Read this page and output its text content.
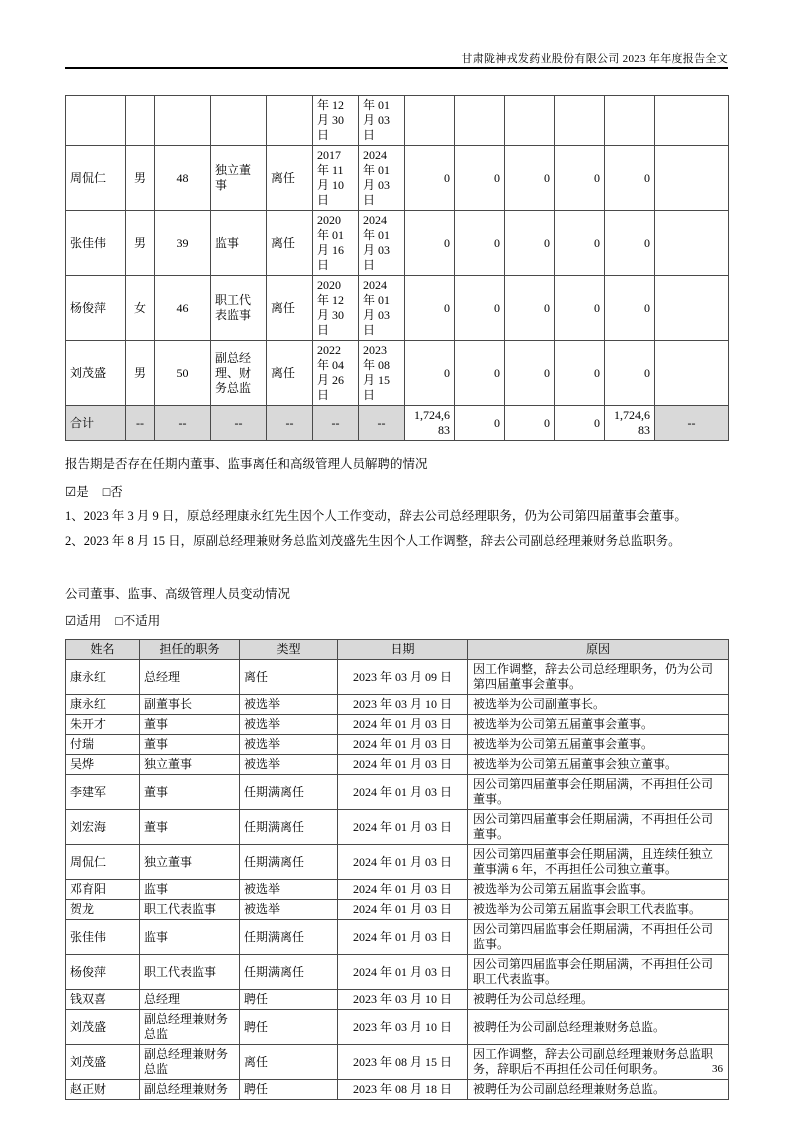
甘肃陇神戎发药业股份有限公司 2023 年年度报告全文
					年 12 月 30 日	年 01 月 03 日						
周侃仁	男	48	独立董事	离任	2017 年 11 月 10 日	2024 年 01 月 03 日	0	0	0	0	0	
张佳伟	男	39	监事	离任	2020 年 01 月 16 日	2024 年 01 月 03 日	0	0	0	0	0	
杨俊萍	女	46	职工代表监事	离任	2020 年 12 月 30 日	2024 年 01 月 03 日	0	0	0	0	0	
刘茂盛	男	50	副总经理、财务总监	离任	2022 年 04 月 26 日	2023 年 08 月 15 日	0	0	0	0	0	
合计	--	--	--	--	--	--	1,724,683	0	0	0	1,724,683	--
报告期是否存在任期内董事、监事离任和高级管理人员解聘的情况
☑是 □否
1、2023 年 3 月 9 日，原总经理康永红先生因个人工作变动，辞去公司总经理职务，仍为公司第四届董事会董事。
2、2023 年 8 月 15 日，原副总经理兼财务总监刘茂盛先生因个人工作调整，辞去公司副总经理兼财务总监职务。
公司董事、监事、高级管理人员变动情况
☑适用 □不适用
姓名	担任的职务	类型	日期	原因
康永红	总经理	离任	2023 年 03 月 09 日	因工作调整，辞去公司总经理职务，仍为公司第四届董事会董事。
康永红	副董事长	被选举	2023 年 03 月 10 日	被选举为公司副董事长。
朱开才	董事	被选举	2024 年 01 月 03 日	被选举为公司第五届董事会董事。
付瑞	董事	被选举	2024 年 01 月 03 日	被选举为公司第五届董事会董事。
吴烨	独立董事	被选举	2024 年 01 月 03 日	被选举为公司第五届董事会独立董事。
李建军	董事	任期满离任	2024 年 01 月 03 日	因公司第四届董事会任期届满，不再担任公司董事。
刘宏海	董事	任期满离任	2024 年 01 月 03 日	因公司第四届董事会任期届满，不再担任公司董事。
周侃仁	独立董事	任期满离任	2024 年 01 月 03 日	因公司第四届董事会任期届满，且连续任独立董事满 6 年，不再担任公司独立董事。
邓育阳	监事	被选举	2024 年 01 月 03 日	被选举为公司第五届监事会监事。
贺龙	职工代表监事	被选举	2024 年 01 月 03 日	被选举为公司第五届监事会职工代表监事。
张佳伟	监事	任期满离任	2024 年 01 月 03 日	因公司第四届监事会任期届满，不再担任公司监事。
杨俊萍	职工代表监事	任期满离任	2024 年 01 月 03 日	因公司第四届监事会任期届满，不再担任公司职工代表监事。
钱双喜	总经理	聘任	2023 年 03 月 10 日	被聘任为公司总经理。
刘茂盛	副总经理兼财务总监	聘任	2023 年 03 月 10 日	被聘任为公司副总经理兼财务总监。
刘茂盛	副总经理兼财务总监	离任	2023 年 08 月 15 日	因工作调整，辞去公司副总经理兼财务总监职务，辞职后不再担任公司任何职务。
赵正财	副总经理兼财务	聘任	2023 年 08 月 18 日	被聘任为公司副总经理兼财务总监。
36
